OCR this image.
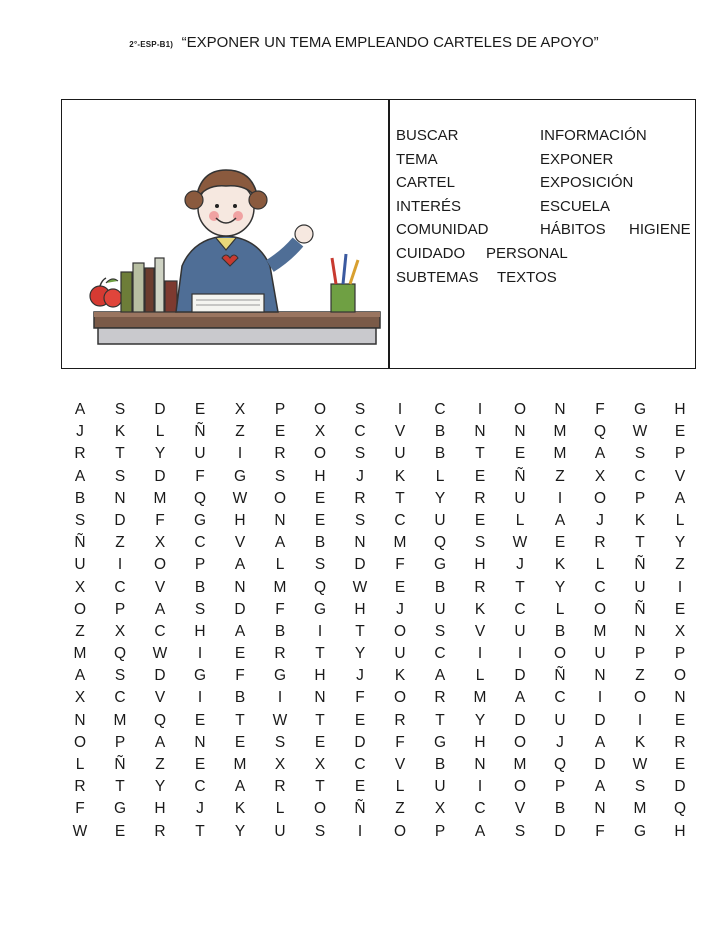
2°-ESP-B1) “EXPONER UN TEMA EMPLEANDO CARTELES DE APOYO”
BUSCAR	INFORMACIÓN
TEMA	EXPONER
CARTEL	EXPOSICIÓN
INTERÉS	ESCUELA
COMUNIDAD	HÁBITOS	HIGIENE
CUIDADO	PERSONAL
SUBTEMAS	TEXTOS
A	S	D	E	X	P	O	S	I	C	I	O	N	F	G	H
J	K	L	Ñ	Z	E	X	C	V	B	N	N	M	Q	W	E
R	T	Y	U	I	R	O	S	U	B	T	E	M	A	S	P
A	S	D	F	G	S	H	J	K	L	E	Ñ	Z	X	C	V
B	N	M	Q	W	O	E	R	T	Y	R	U	I	O	P	A
S	D	F	G	H	N	E	S	C	U	E	L	A	J	K	L
Ñ	Z	X	C	V	A	B	N	M	Q	S	W	E	R	T	Y
U	I	O	P	A	L	S	D	F	G	H	J	K	L	Ñ	Z
X	C	V	B	N	M	Q	W	E	B	R	T	Y	C	U	I
O	P	A	S	D	F	G	H	J	U	K	C	L	O	Ñ	E
Z	X	C	H	A	B	I	T	O	S	V	U	B	M	N	X
M	Q	W	I	E	R	T	Y	U	C	I	I	O	U	P	P
A	S	D	G	F	G	H	J	K	A	L	D	Ñ	N	Z	O
X	C	V	I	B	I	N	F	O	R	M	A	C	I	O	N
N	M	Q	E	T	W	T	E	R	T	Y	D	U	D	I	E
O	P	A	N	E	S	E	D	F	G	H	O	J	A	K	R
L	Ñ	Z	E	M	X	X	C	V	B	N	M	Q	D	W	E
R	T	Y	C	A	R	T	E	L	U	I	O	P	A	S	D
F	G	H	J	K	L	O	Ñ	Z	X	C	V	B	N	M	Q
W	E	R	T	Y	U	S	I	O	P	A	S	D	F	G	H
